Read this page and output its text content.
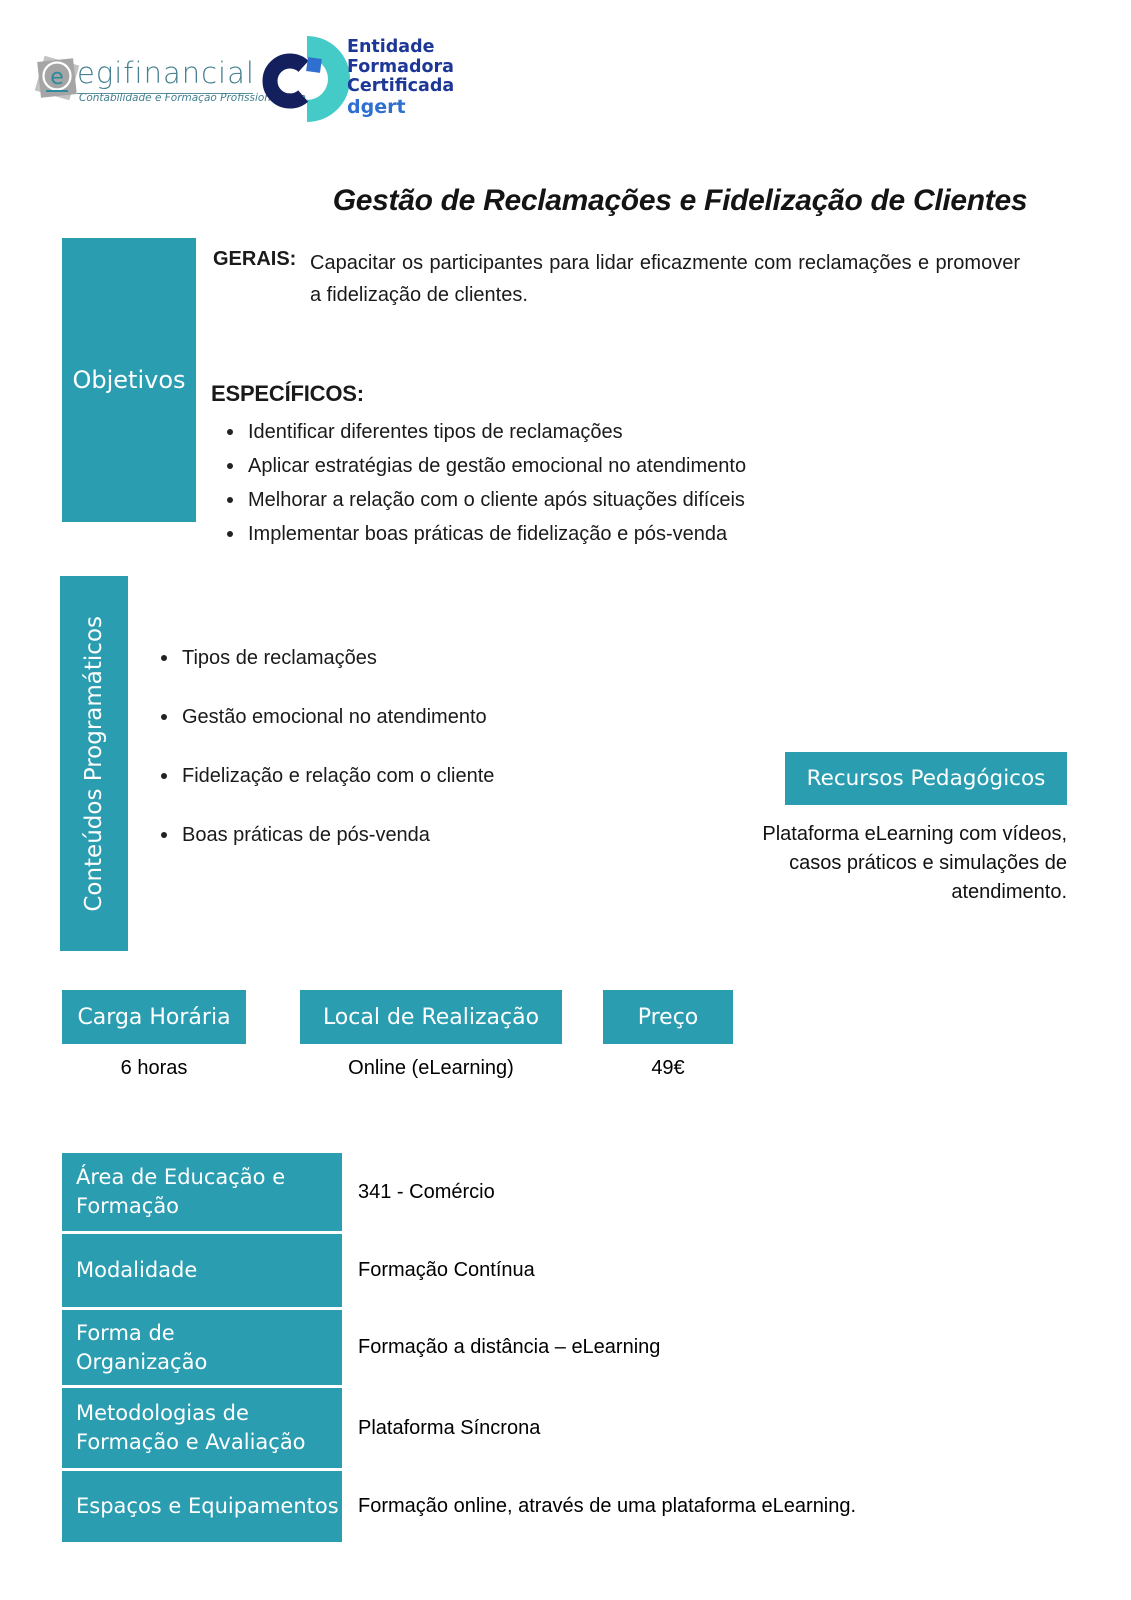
e egifinancial
Contabilidade e Formação Profissional, Lda.
Entidade
Formadora
Certificada
dgert
Gestão de Reclamações e Fidelização de Clientes
Objetivos
GERAIS: Capacitar os participantes para lidar eficazmente com reclamações e promover a fidelização de clientes.
ESPECÍFICOS:
Identificar diferentes tipos de reclamações
Aplicar estratégias de gestão emocional no atendimento
Melhorar a relação com o cliente após situações difíceis
Implementar boas práticas de fidelização e pós-venda
Conteúdos Programáticos	Tipos de reclamações
Gestão emocional no atendimento
Fidelização e relação com o cliente
Boas práticas de pós-venda
Recursos Pedagógicos
Plataforma eLearning com vídeos, casos práticos e simulações de atendimento.
Carga Horária
6 horas
Local de Realização
Online (eLearning)
Preço
49€
Área de Educação e Formação
341 - Comércio
Modalidade	Formação Contínua
Forma de Organização
Formação a distância – eLearning
Metodologias de Formação e Avaliação
Plataforma Síncrona
Espaços e Equipamentos Formação online, através de uma plataforma eLearning.
